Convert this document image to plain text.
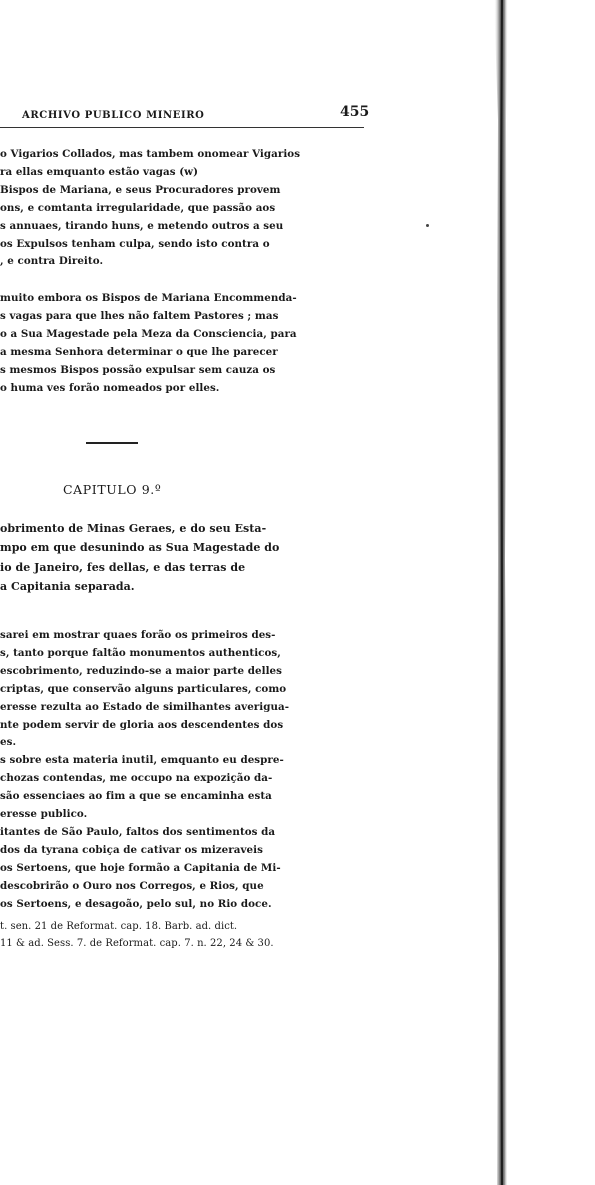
ARCHIVO PUBLICO MINEIRO	455
o Vigarios Collados, mas tambem onomear Vigarios
ra ellas emquanto estão vagas (w)
Bispos de Mariana, e seus Procuradores provem
ons, e comtanta irregularidade, que passão aos
s annuaes, tirando huns, e metendo outros a seu
os Expulsos tenham culpa, sendo isto contra o
, e contra Direito.
muito embora os Bispos de Mariana Encommenda-
s vagas para que lhes não faltem Pastores ; mas
o a Sua Magestade pela Meza da Consciencia, para
a mesma Senhora determinar o que lhe parecer
s mesmos Bispos possão expulsar sem cauza os
o huma ves forão nomeados por elles.
CAPITULO 9.º
obrimento de Minas Geraes, e do seu Esta-
mpo em que desunindo as Sua Magestade do
io de Janeiro, fes dellas, e das terras de
a Capitania separada.
sarei em mostrar quaes forão os primeiros des-
s, tanto porque faltão monumentos authenticos,
escobrimento, reduzindo-se a maior parte delles
criptas, que conservão alguns particulares, como
eresse rezulta ao Estado de similhantes averigua-
nte podem servir de gloria aos descendentes dos
es.
s sobre esta materia inutil, emquanto eu despre-
chozas contendas, me occupo na expozição da-
são essenciaes ao fim a que se encaminha esta
eresse publico.
itantes de São Paulo, faltos dos sentimentos da
dos da tyrana cobiça de cativar os mizeraveis
os Sertoens, que hoje formão a Capitania de Mi-
descobrirão o Ouro nos Corregos, e Rios, que
os Sertoens, e desagoão, pelo sul, no Rio doce.
t. sen. 21 de Reformat. cap. 18. Barb. ad. dict.
11 & ad. Sess. 7. de Reformat. cap. 7. n. 22, 24 & 30.
